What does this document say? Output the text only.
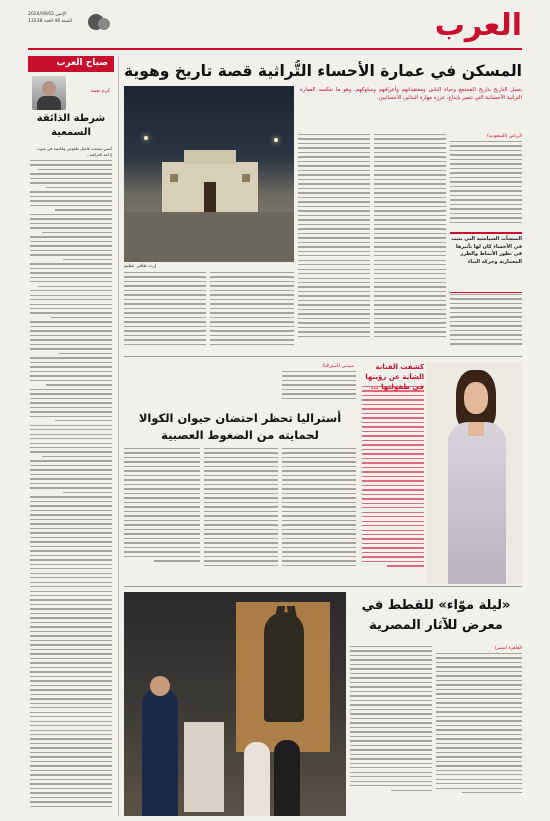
العرب
الإثنين 2024/09/02
السنة 46 العدد 13238
صباح العرب
كرم نعمة
شرطة الذائقة السمعية
أمس سمعت فاصل طقوس وقاسية في صوت إذاعة العراقية...
المسكن في عمارة الأحساء التُّراثية قصة تاريخ وهوية
يتصل التاريخ بتاريخ المجتمع وحياة الناس ومعتقداتهم وأعرافهم وسلوكهم، وهو ما تعكسه العمارة التراثية الأحسائية التي تتميز بإبداع، عززه مهارة البنائين الأحسائيين.
إرث ثقافي عظيم
الرياض (السعودية)
المنشآت السياسية التي بنيت في الأحساء كان لها تأثيرها في تطور الأنماط والطرز المعمارية وحركة البناء
كشفت الفنانة الشابة عن رؤيتها
أستراليا تحظر احتضان حيوان الكوالا لحمايته من الضغوط العصبية
سيدني (أستراليا)
«ليلة موّاء» للقطط في معرض للآثار المصرية
القاهرة (مصر)
